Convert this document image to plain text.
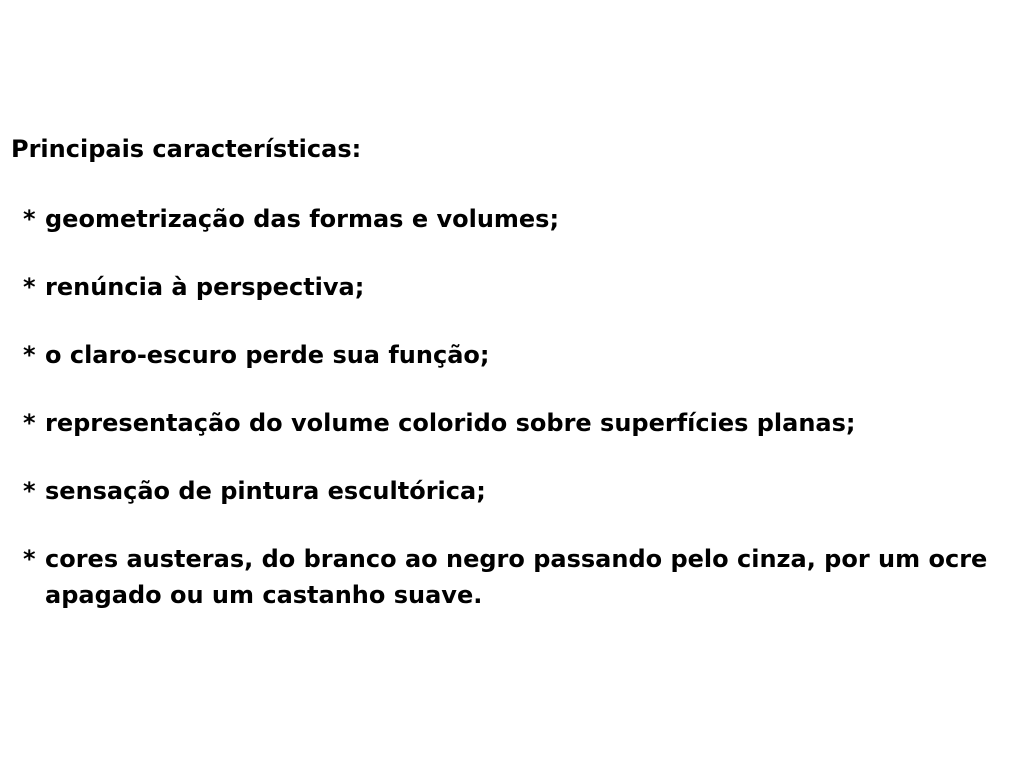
Principais características:
* geometrização das formas e volumes;
* renúncia à perspectiva;
* o claro-escuro perde sua função;
* representação do volume colorido sobre superfícies planas;
* sensação de pintura escultórica;
* cores austeras, do branco ao negro passando pelo cinza, por um ocre apagado ou um castanho suave.
